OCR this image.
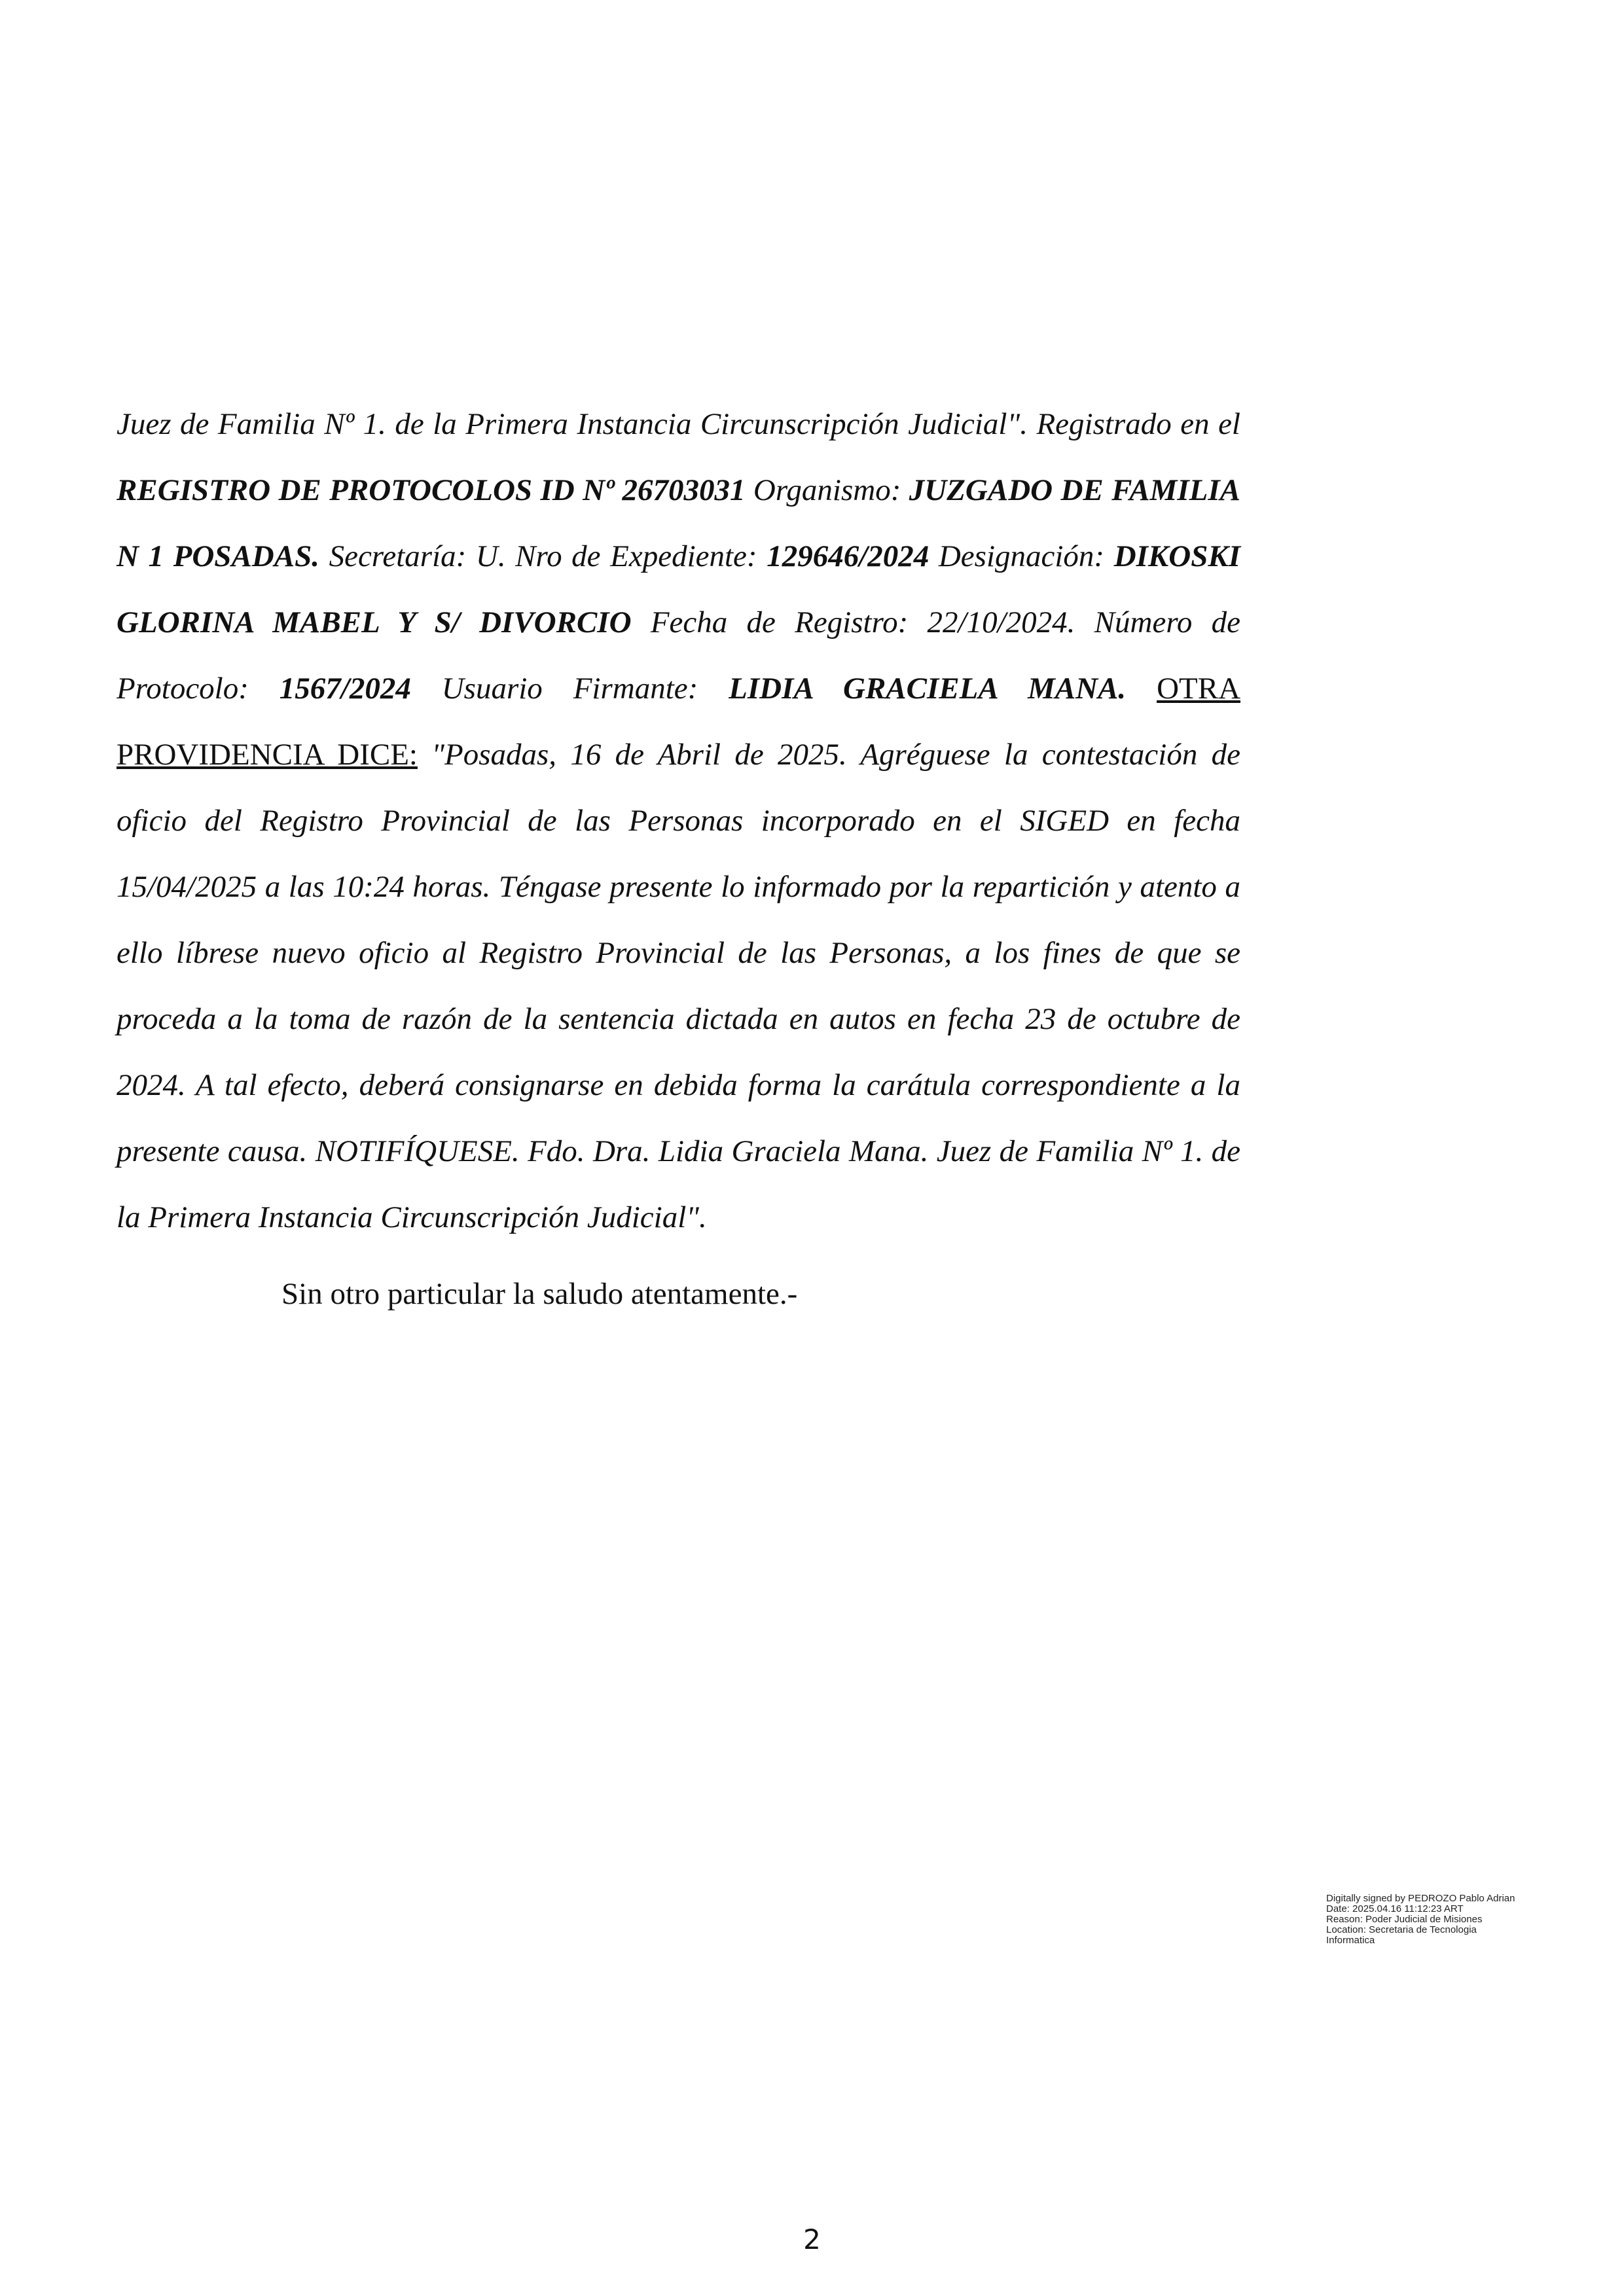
Juez de Familia Nº 1. de la Primera Instancia Circunscripción Judicial". Registrado en el REGISTRO DE PROTOCOLOS ID Nº 26703031 Organismo: JUZGADO DE FAMILIA N 1 POSADAS. Secretaría: U. Nro de Expediente: 129646/2024 Designación: DIKOSKI GLORINA MABEL Y S/ DIVORCIO Fecha de Registro: 22/10/2024. Número de Protocolo: 1567/2024 Usuario Firmante: LIDIA GRACIELA MANA. OTRA PROVIDENCIA DICE: "Posadas, 16 de Abril de 2025. Agréguese la contestación de oficio del Registro Provincial de las Personas incorporado en el SIGED en fecha 15/04/2025 a las 10:24 horas. Téngase presente lo informado por la repartición y atento a ello líbrese nuevo oficio al Registro Provincial de las Personas, a los fines de que se proceda a la toma de razón de la sentencia dictada en autos en fecha 23 de octubre de 2024. A tal efecto, deberá consignarse en debida forma la carátula correspondiente a la presente causa. NOTIFÍQUESE. Fdo. Dra. Lidia Graciela Mana. Juez de Familia Nº 1. de la Primera Instancia Circunscripción Judicial".

Sin otro particular la saludo atentamente.-
Digitally signed by PEDROZO Pablo Adrian
Date: 2025.04.16 11:12:23 ART
Reason: Poder Judicial de Misiones
Location: Secretaria de Tecnologia
Informatica
2
